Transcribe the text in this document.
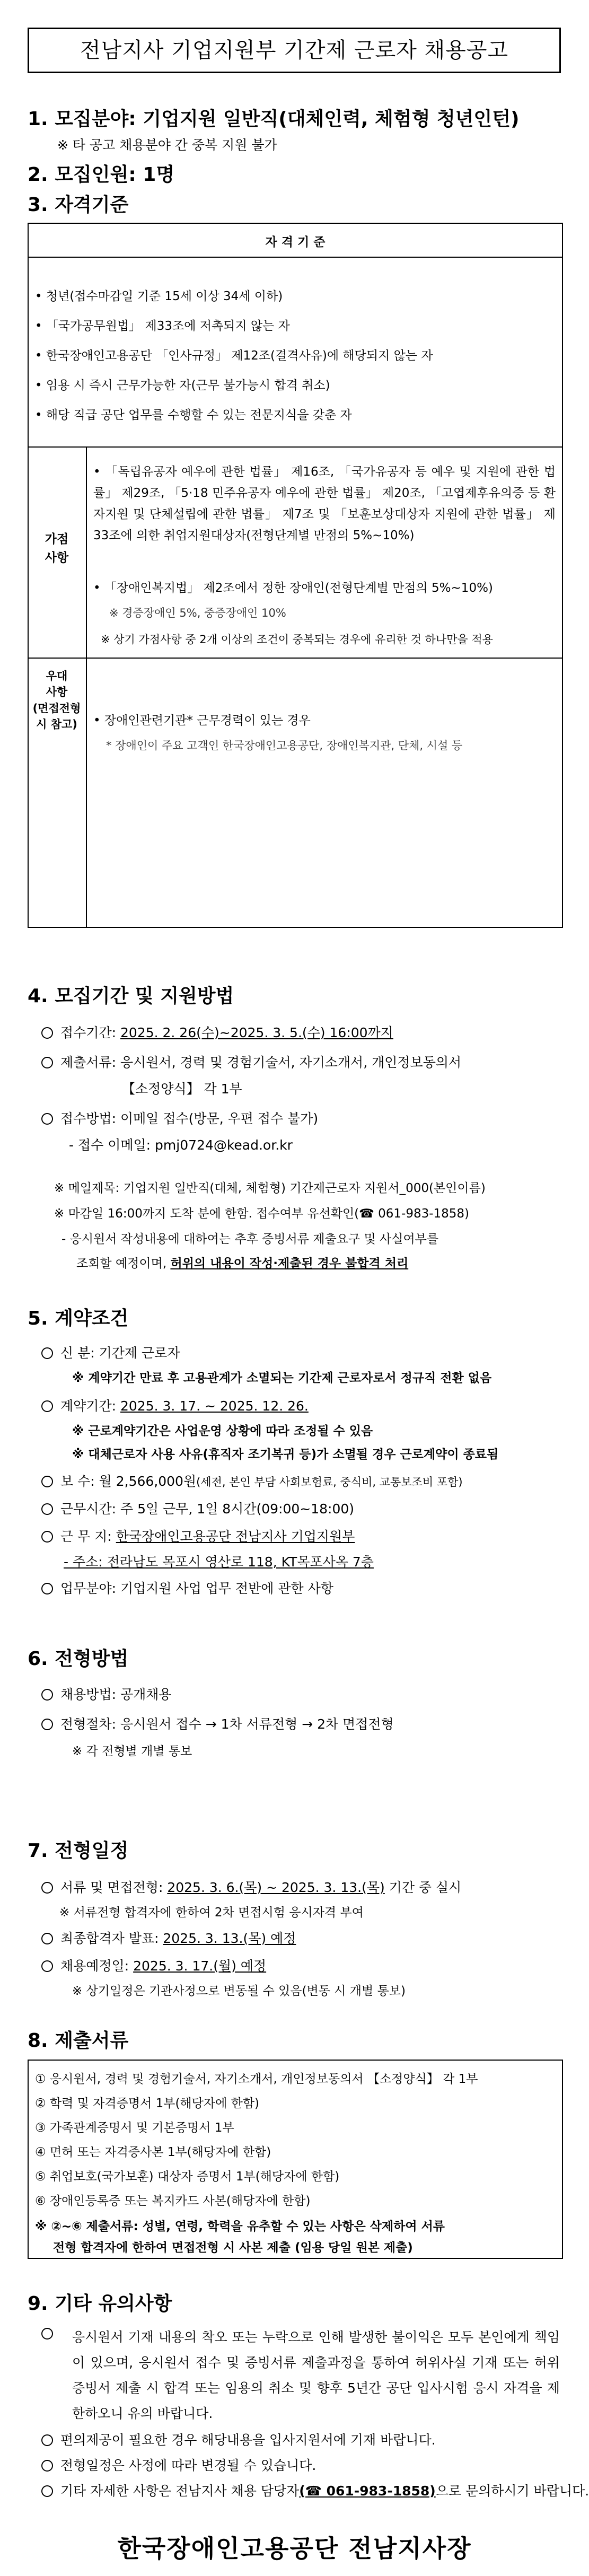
전남지사 기업지원부 기간제 근로자 채용공고
1. 모집분야: 기업지원 일반직(대체인력, 체험형 청년인턴)
※ 타 공고 채용분야 간 중복 지원 불가
2. 모집인원: 1명
3. 자격기준
자 격 기 준
• 청년(접수마감일 기준 15세 이상 34세 이하)
• 「국가공무원법」 제33조에 저촉되지 않는 자
• 한국장애인고용공단 「인사규정」 제12조(결격사유)에 해당되지 않는 자
• 임용 시 즉시 근무가능한 자(근무 불가능시 합격 취소)
• 해당 직급 공단 업무를 수행할 수 있는 전문지식을 갖춘 자
가점
사항
• 「독립유공자 예우에 관한 법률」 제16조, 「국가유공자 등 예우 및 지원에 관한 법률」 제29조, 「5·18 민주유공자 예우에 관한 법률」 제20조, 「고엽제후유의증 등 환자지원 및 단체설립에 관한 법률」 제7조 및 「보훈보상대상자 지원에 관한 법률」 제33조에 의한 취업지원대상자(전형단계별 만점의 5%~10%)
• 「장애인복지법」 제2조에서 정한 장애인(전형단계별 만점의 5%~10%)
※ 경증장애인 5%, 중증장애인 10%
※ 상기 가점사항 중 2개 이상의 조건이 중복되는 경우에 유리한 것 하나만을 적용
우대
사항
(면접전형
시 참고)	• 장애인관련기관* 근무경력이 있는 경우
* 장애인이 주요 고객인 한국장애인고용공단, 장애인복지관, 단체, 시설 등
4. 모집기간 및 지원방법
접수기간: 2025. 2. 26(수)~2025. 3. 5.(수) 16:00까지
제출서류: 응시원서, 경력 및 경험기술서, 자기소개서, 개인정보동의서
【소정양식】 각 1부
접수방법: 이메일 접수(방문, 우편 접수 불가)
- 접수 이메일: pmj0724@kead.or.kr
※ 메일제목: 기업지원 일반직(대체, 체험형) 기간제근로자 지원서_000(본인이름)
※ 마감일 16:00까지 도착 분에 한함. 접수여부 유선확인(☎ 061-983-1858)
- 응시원서 작성내용에 대하여는 추후 증빙서류 제출요구 및 사실여부를
조회할 예정이며, 허위의 내용이 작성·제출된 경우 불합격 처리
5. 계약조건
신 분: 기간제 근로자
※ 계약기간 만료 후 고용관계가 소멸되는 기간제 근로자로서 정규직 전환 없음
계약기간: 2025. 3. 17. ~ 2025. 12. 26.
※ 근로계약기간은 사업운영 상황에 따라 조정될 수 있음
※ 대체근로자 사용 사유(휴직자 조기복귀 등)가 소멸될 경우 근로계약이 종료됨
보 수: 월 2,566,000원(세전, 본인 부담 사회보험료, 중식비, 교통보조비 포함)
근무시간: 주 5일 근무, 1일 8시간(09:00~18:00)
근 무 지: 한국장애인고용공단 전남지사 기업지원부
- 주소: 전라남도 목포시 영산로 118, KT목포사옥 7층
업무분야: 기업지원 사업 업무 전반에 관한 사항
6. 전형방법
채용방법: 공개채용
전형절차: 응시원서 접수 → 1차 서류전형 → 2차 면접전형
※ 각 전형별 개별 통보
7. 전형일정
서류 및 면접전형: 2025. 3. 6.(목) ~ 2025. 3. 13.(목) 기간 중 실시
※ 서류전형 합격자에 한하여 2차 면접시험 응시자격 부여
최종합격자 발표: 2025. 3. 13.(목) 예정
채용예정일: 2025. 3. 17.(월) 예정
※ 상기일정은 기관사정으로 변동될 수 있음(변동 시 개별 통보)
8. 제출서류
① 응시원서, 경력 및 경험기술서, 자기소개서, 개인정보동의서 【소정양식】 각 1부
② 학력 및 자격증명서 1부(해당자에 한함)
③ 가족관계증명서 및 기본증명서 1부
④ 면허 또는 자격증사본 1부(해당자에 한함)
⑤ 취업보호(국가보훈) 대상자 증명서 1부(해당자에 한함)
⑥ 장애인등록증 또는 복지카드 사본(해당자에 한함)
※ ②~⑥ 제출서류: 성별, 연령, 학력을 유추할 수 있는 사항은 삭제하여 서류
전형 합격자에 한하여 면접전형 시 사본 제출 (임용 당일 원본 제출)
9. 기타 유의사항
응시원서 기재 내용의 착오 또는 누락으로 인해 발생한 불이익은 모두 본인에게 책임이 있으며, 응시원서 접수 및 증빙서류 제출과정을 통하여 허위사실 기재 또는 허위 증빙서 제출 시 합격 또는 임용의 취소 및 향후 5년간 공단 입사시험 응시 자격을 제한하오니 유의 바랍니다.
편의제공이 필요한 경우 해당내용을 입사지원서에 기재 바랍니다.
전형일정은 사정에 따라 변경될 수 있습니다.
기타 자세한 사항은 전남지사 채용 담당자(☎ 061-983-1858)으로 문의하시기 바랍니다.
한국장애인고용공단 전남지사장
